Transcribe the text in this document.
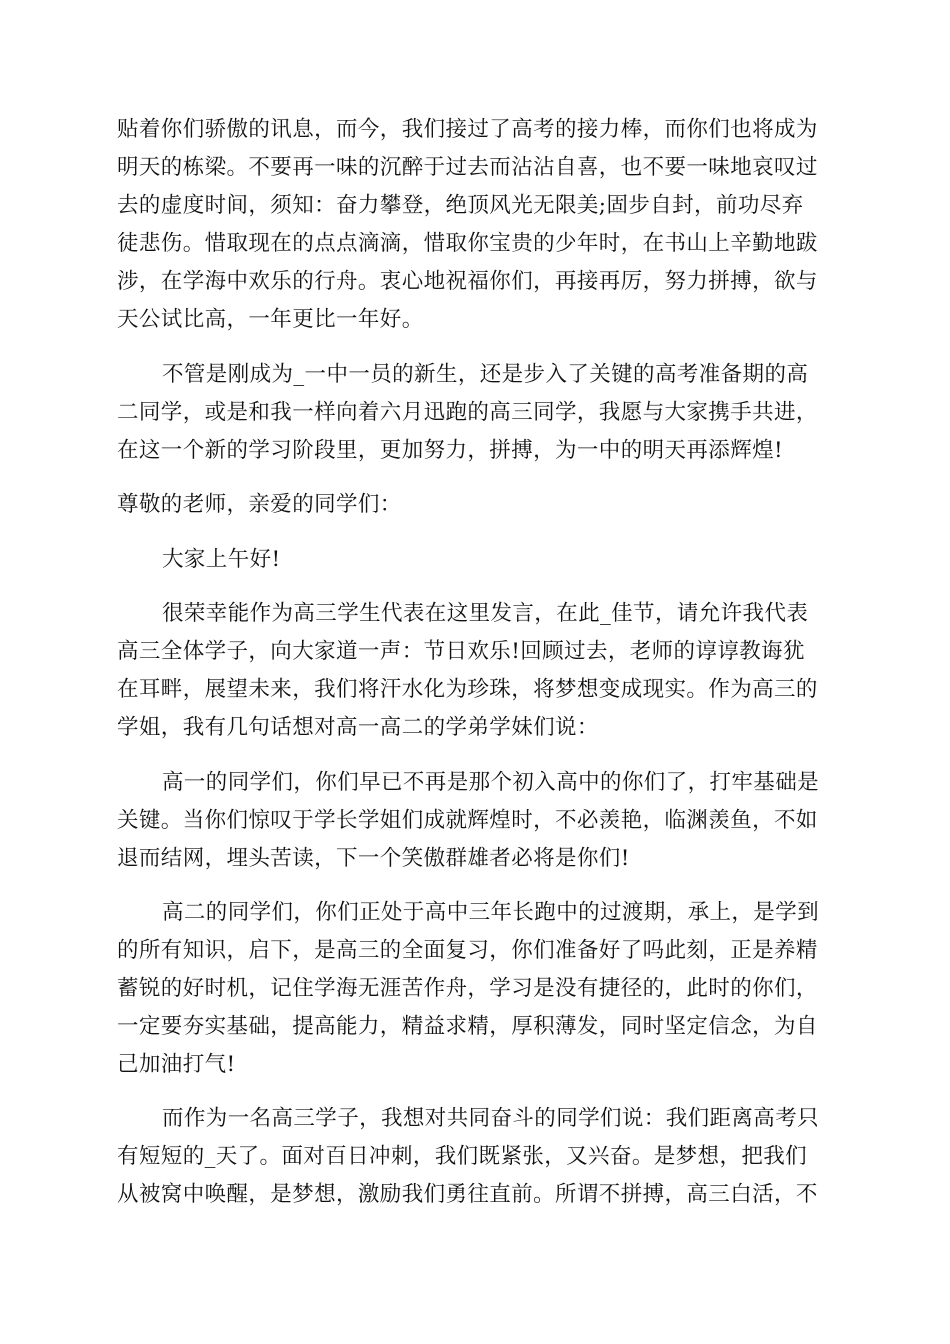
贴着你们骄傲的讯息，而今，我们接过了高考的接力棒，而你们也将成为
明天的栋梁。不要再一味的沉醉于过去而沾沾自喜，也不要一味地哀叹过
去的虚度时间，须知：奋力攀登，绝顶风光无限美;固步自封，前功尽弃
徒悲伤。惜取现在的点点滴滴，惜取你宝贵的少年时，在书山上辛勤地跋
涉，在学海中欢乐的行舟。衷心地祝福你们，再接再厉，努力拼搏，欲与
天公试比高，一年更比一年好。
不管是刚成为_一中一员的新生，还是步入了关键的高考准备期的高
二同学，或是和我一样向着六月迅跑的高三同学，我愿与大家携手共进，
在这一个新的学习阶段里，更加努力，拼搏，为一中的明天再添辉煌!
尊敬的老师，亲爱的同学们：
大家上午好!
很荣幸能作为高三学生代表在这里发言，在此_佳节，请允许我代表
高三全体学子，向大家道一声：节日欢乐!回顾过去，老师的谆谆教诲犹
在耳畔，展望未来，我们将汗水化为珍珠，将梦想变成现实。作为高三的
学姐，我有几句话想对高一高二的学弟学妹们说：
高一的同学们，你们早已不再是那个初入高中的你们了，打牢基础是
关键。当你们惊叹于学长学姐们成就辉煌时，不必羡艳，临渊羡鱼，不如
退而结网，埋头苦读，下一个笑傲群雄者必将是你们!
高二的同学们，你们正处于高中三年长跑中的过渡期，承上，是学到
的所有知识，启下，是高三的全面复习，你们准备好了吗此刻，正是养精
蓄锐的好时机，记住学海无涯苦作舟，学习是没有捷径的，此时的你们，
一定要夯实基础，提高能力，精益求精，厚积薄发，同时坚定信念，为自
己加油打气!
而作为一名高三学子，我想对共同奋斗的同学们说：我们距离高考只
有短短的_天了。面对百日冲刺，我们既紧张，又兴奋。是梦想，把我们
从被窝中唤醒，是梦想，激励我们勇往直前。所谓不拼搏，高三白活，不
